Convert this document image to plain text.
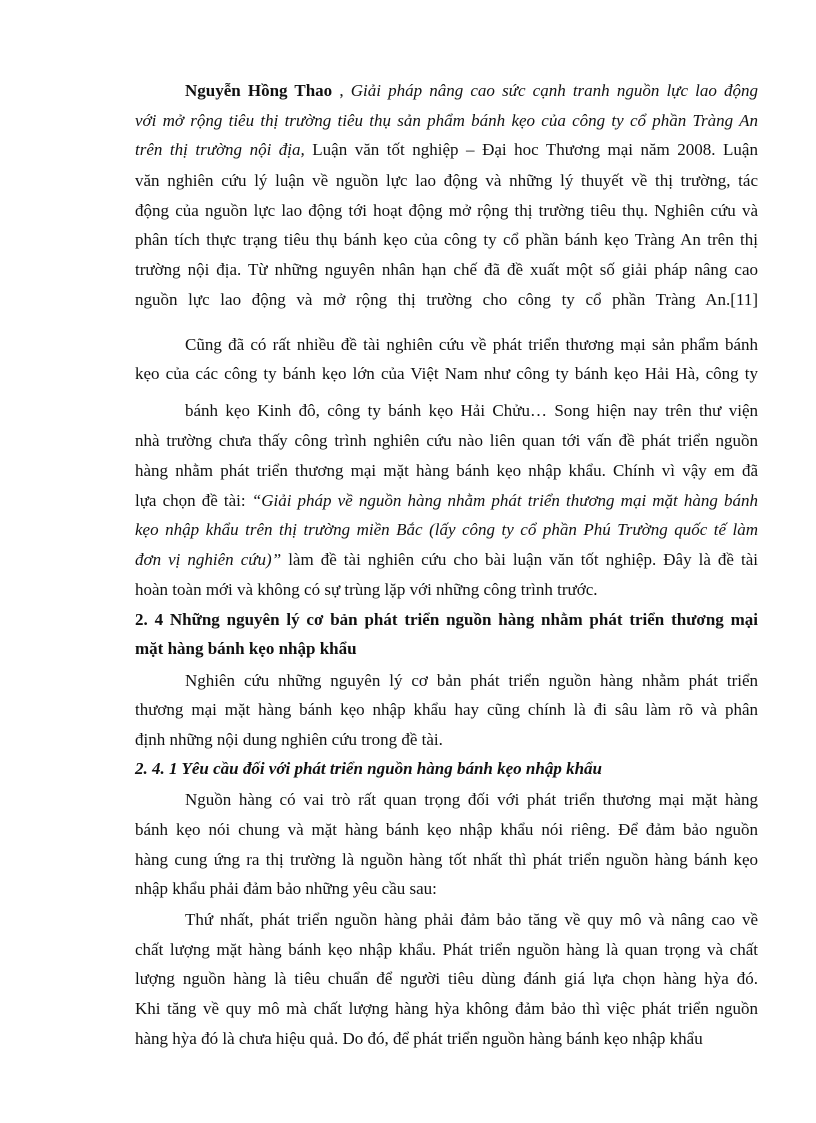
Nguyễn Hồng Thao , Giải pháp nâng cao sức cạnh tranh nguồn lực lao động
với mở rộng tiêu thị trường tiêu thụ sản phẩm bánh kẹo của công ty cổ phần Tràng An
trên thị trường nội địa, Luận văn tốt nghiệp – Đại hoc Thương mại năm 2008. Luận
văn nghiên cứu lý luận về nguồn lực lao động và những lý thuyết về thị trường, tác
động của nguồn lực lao động tới hoạt động mở rộng thị trường tiêu thụ. Nghiên cứu và
phân tích thực trạng tiêu thụ bánh kẹo của công ty cổ phần bánh kẹo Tràng An trên thị
trường nội địa. Từ những nguyên nhân hạn chế đã đề xuất một số giải pháp nâng cao
nguồn lực lao động và mở rộng thị trường cho công ty cổ phần Tràng An.[11]
Cũng đã có rất nhiều đề tài nghiên cứu về phát triển thương mại sản phẩm bánh
kẹo của các công ty bánh kẹo lớn của Việt Nam như công ty bánh kẹo Hải Hà, công ty
bánh kẹo Kinh đô, công ty bánh kẹo Hải Chửu… Song hiện nay trên thư viện
nhà trường chưa thấy công trình nghiên cứu nào liên quan tới vấn đề phát triển nguồn
hàng nhằm phát triển thương mại mặt hàng bánh kẹo nhập khẩu. Chính vì vậy em đã
lựa chọn đề tài: “Giải pháp về nguồn hàng nhằm phát triển thương mại mặt hàng bánh
kẹo nhập khẩu trên thị trường miền Bắc (lấy công ty cổ phần Phú Trường quốc tế làm
đơn vị nghiên cứu)” làm đề tài nghiên cứu cho bài luận văn tốt nghiệp. Đây là đề tài
hoàn toàn mới và không có sự trùng lặp với những công trình trước.
2. 4 Những nguyên lý cơ bản phát triển nguồn hàng nhằm phát triển thương mại
mặt hàng bánh kẹo nhập khẩu
Nghiên cứu những nguyên lý cơ bản phát triển nguồn hàng nhằm phát triển
thương mại mặt hàng bánh kẹo nhập khẩu hay cũng chính là đi sâu làm rõ và phân
định những nội dung nghiên cứu trong đề tài.
2. 4. 1 Yêu cầu đối với phát triển nguồn hàng bánh kẹo nhập khẩu
Nguồn hàng có vai trò rất quan trọng đối với phát triển thương mại mặt hàng
bánh kẹo nói chung và mặt hàng bánh kẹo nhập khẩu nói riêng. Để đảm bảo nguồn
hàng cung ứng ra thị trường là nguồn hàng tốt nhất thì phát triển nguồn hàng bánh kẹo
nhập khẩu phải đảm bảo những yêu cầu sau:
Thứ nhất, phát triển nguồn hàng phải đảm bảo tăng về quy mô và nâng cao về
chất lượng mặt hàng bánh kẹo nhập khẩu. Phát triển nguồn hàng là quan trọng và chất
lượng nguồn hàng là tiêu chuẩn để người tiêu dùng đánh giá lựa chọn hàng hỳa đó.
Khi tăng về quy mô mà chất lượng hàng hỳa không đảm bảo thì việc phát triển nguồn
hàng hỳa đó là chưa hiệu quả. Do đó, để phát triển nguồn hàng bánh kẹo nhập khẩu
